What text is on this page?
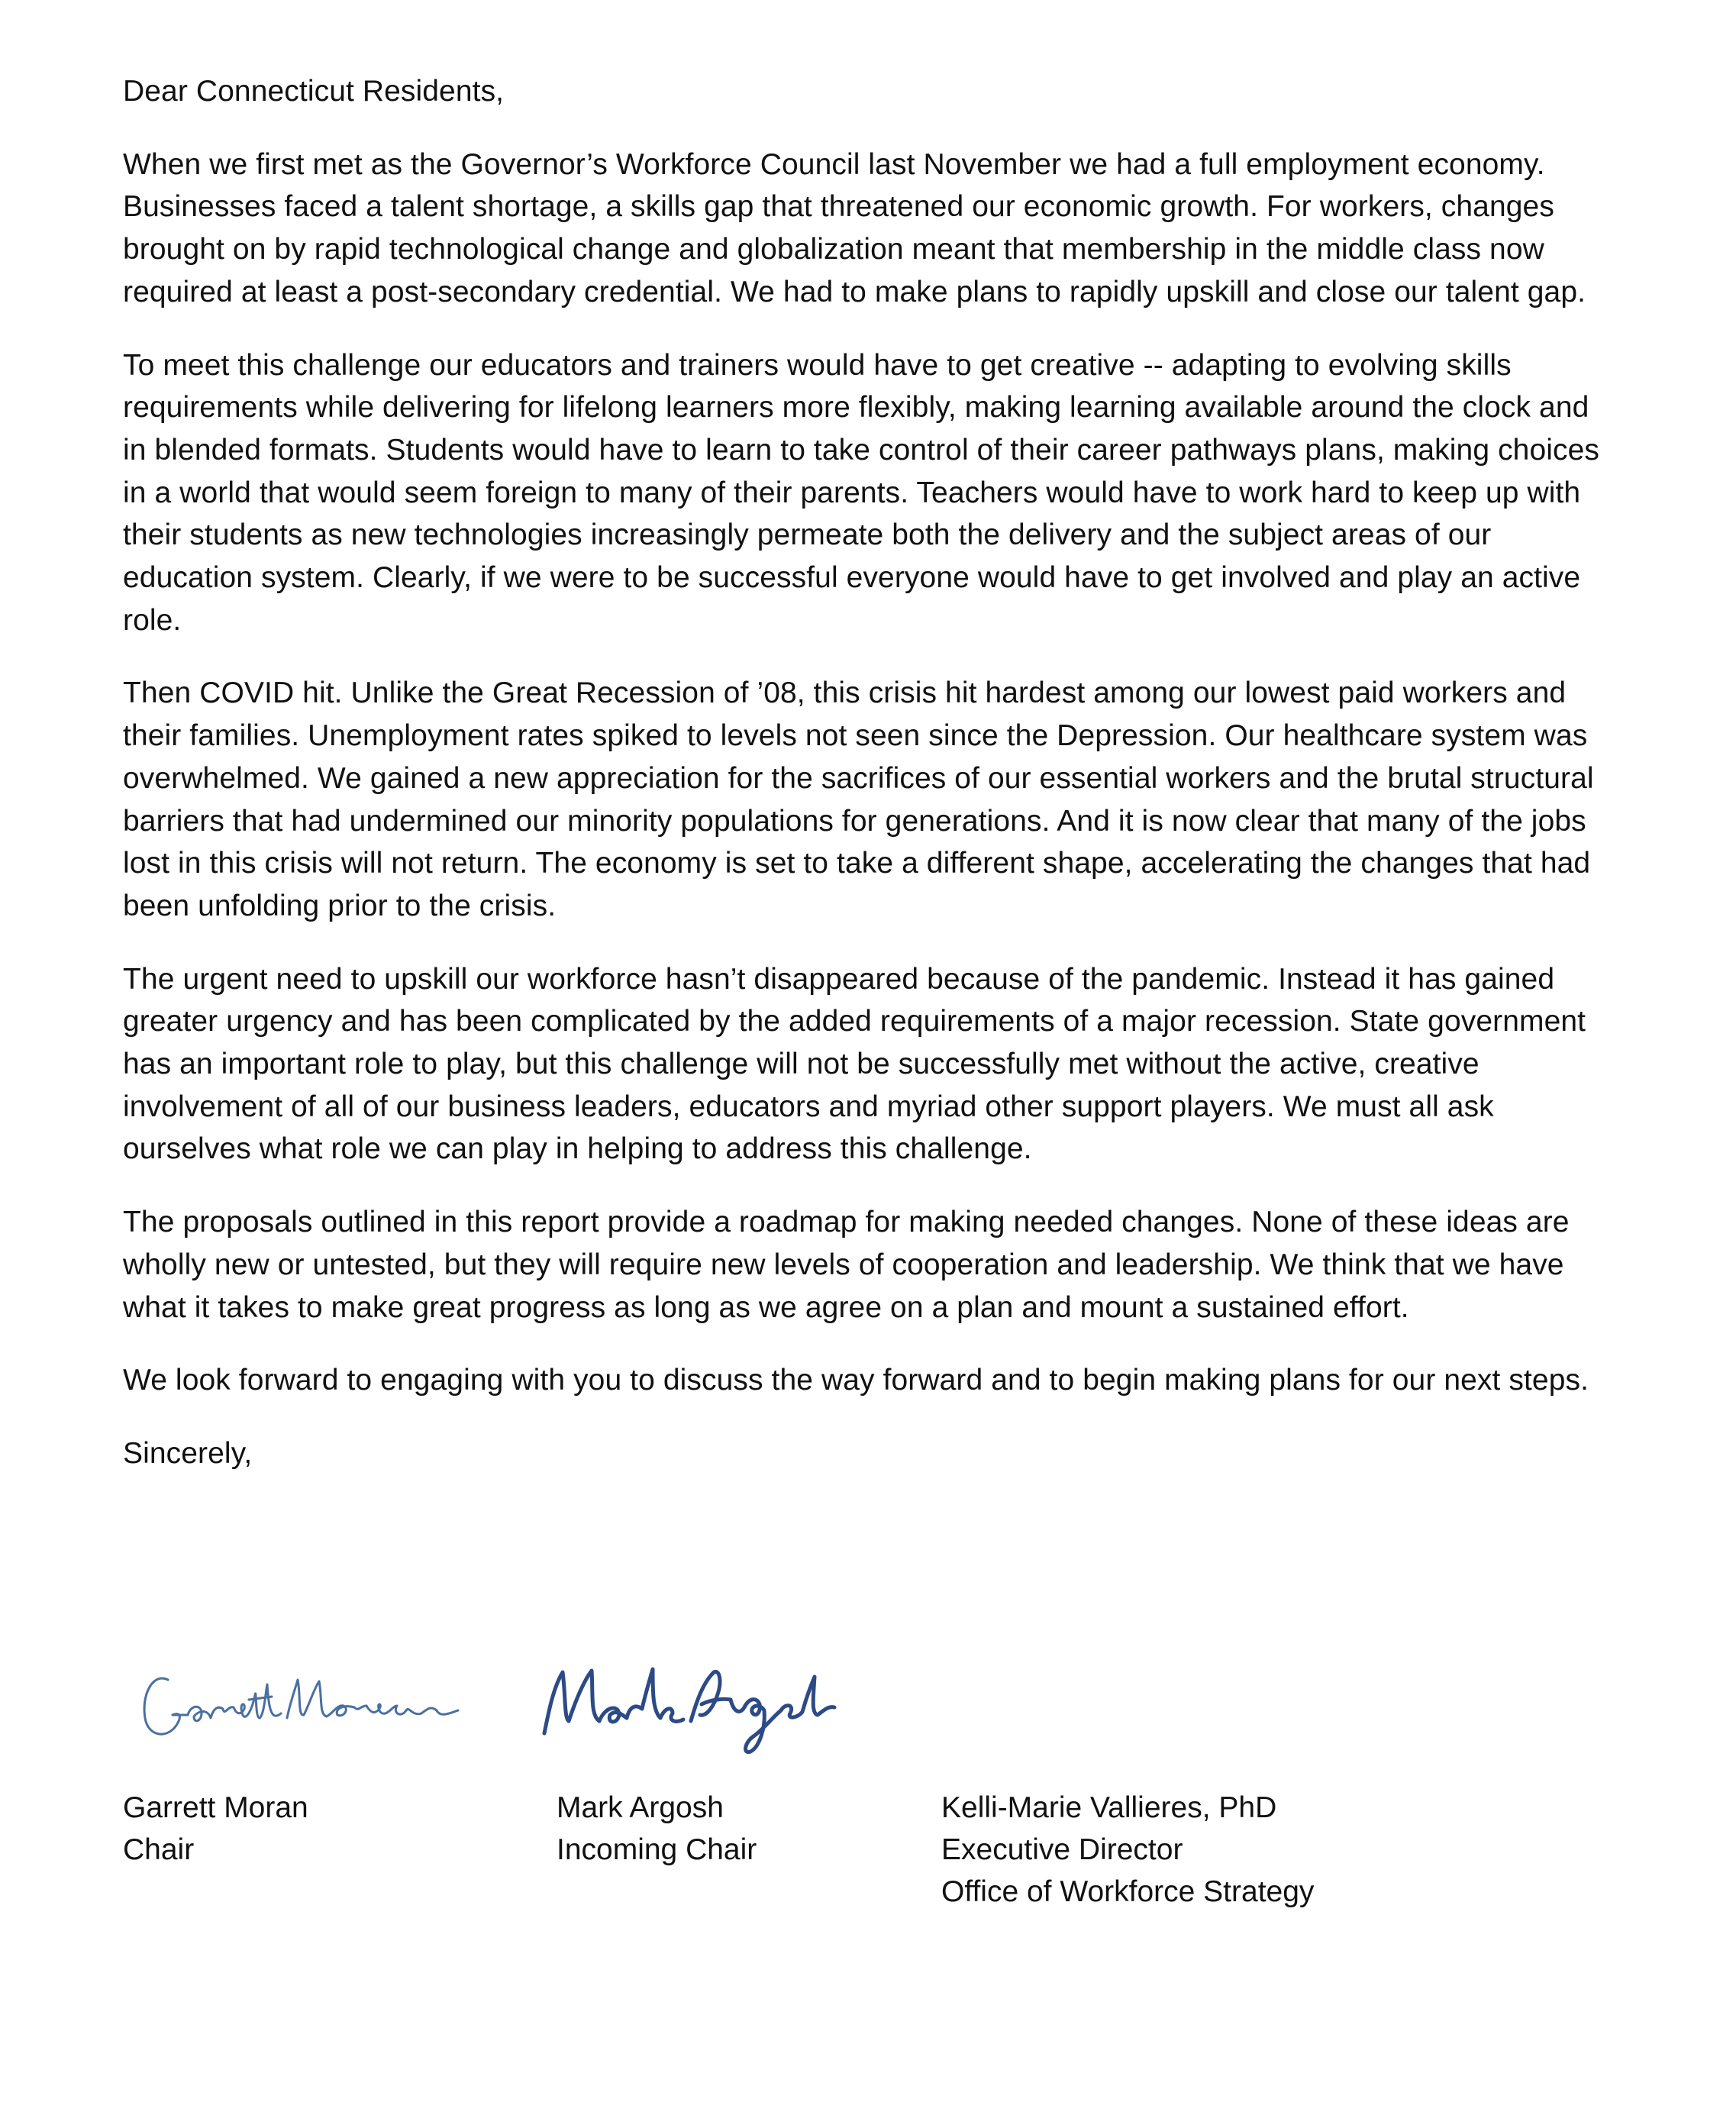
Dear Connecticut Residents,

When we first met as the Governor’s Workforce Council last November we had a full employment economy. Businesses faced a talent shortage, a skills gap that threatened our economic growth. For workers, changes brought on by rapid technological change and globalization meant that membership in the middle class now required at least a post-secondary credential. We had to make plans to rapidly upskill and close our talent gap.

To meet this challenge our educators and trainers would have to get creative -- adapting to evolving skills requirements while delivering for lifelong learners more flexibly, making learning available around the clock and in blended formats. Students would have to learn to take control of their career pathways plans, making choices in a world that would seem foreign to many of their parents. Teachers would have to work hard to keep up with their students as new technologies increasingly permeate both the delivery and the subject areas of our education system. Clearly, if we were to be successful everyone would have to get involved and play an active role.

Then COVID hit. Unlike the Great Recession of ’08, this crisis hit hardest among our lowest paid workers and their families. Unemployment rates spiked to levels not seen since the Depression. Our healthcare system was overwhelmed. We gained a new appreciation for the sacrifices of our essential workers and the brutal structural barriers that had undermined our minority populations for generations. And it is now clear that many of the jobs lost in this crisis will not return. The economy is set to take a different shape, accelerating the changes that had been unfolding prior to the crisis.

The urgent need to upskill our workforce hasn’t disappeared because of the pandemic. Instead it has gained greater urgency and has been complicated by the added requirements of a major recession. State government has an important role to play, but this challenge will not be successfully met without the active, creative involvement of all of our business leaders, educators and myriad other support players. We must all ask ourselves what role we can play in helping to address this challenge.

The proposals outlined in this report provide a roadmap for making needed changes. None of these ideas are wholly new or untested, but they will require new levels of cooperation and leadership. We think that we have what it takes to make great progress as long as we agree on a plan and mount a sustained effort.

We look forward to engaging with you to discuss the way forward and to begin making plans for our next steps.

Sincerely,

Garrett Moran
Chair
Mark Argosh
Incoming Chair
Kelli-Marie Vallieres, PhD
Executive Director
Office of Workforce Strategy
